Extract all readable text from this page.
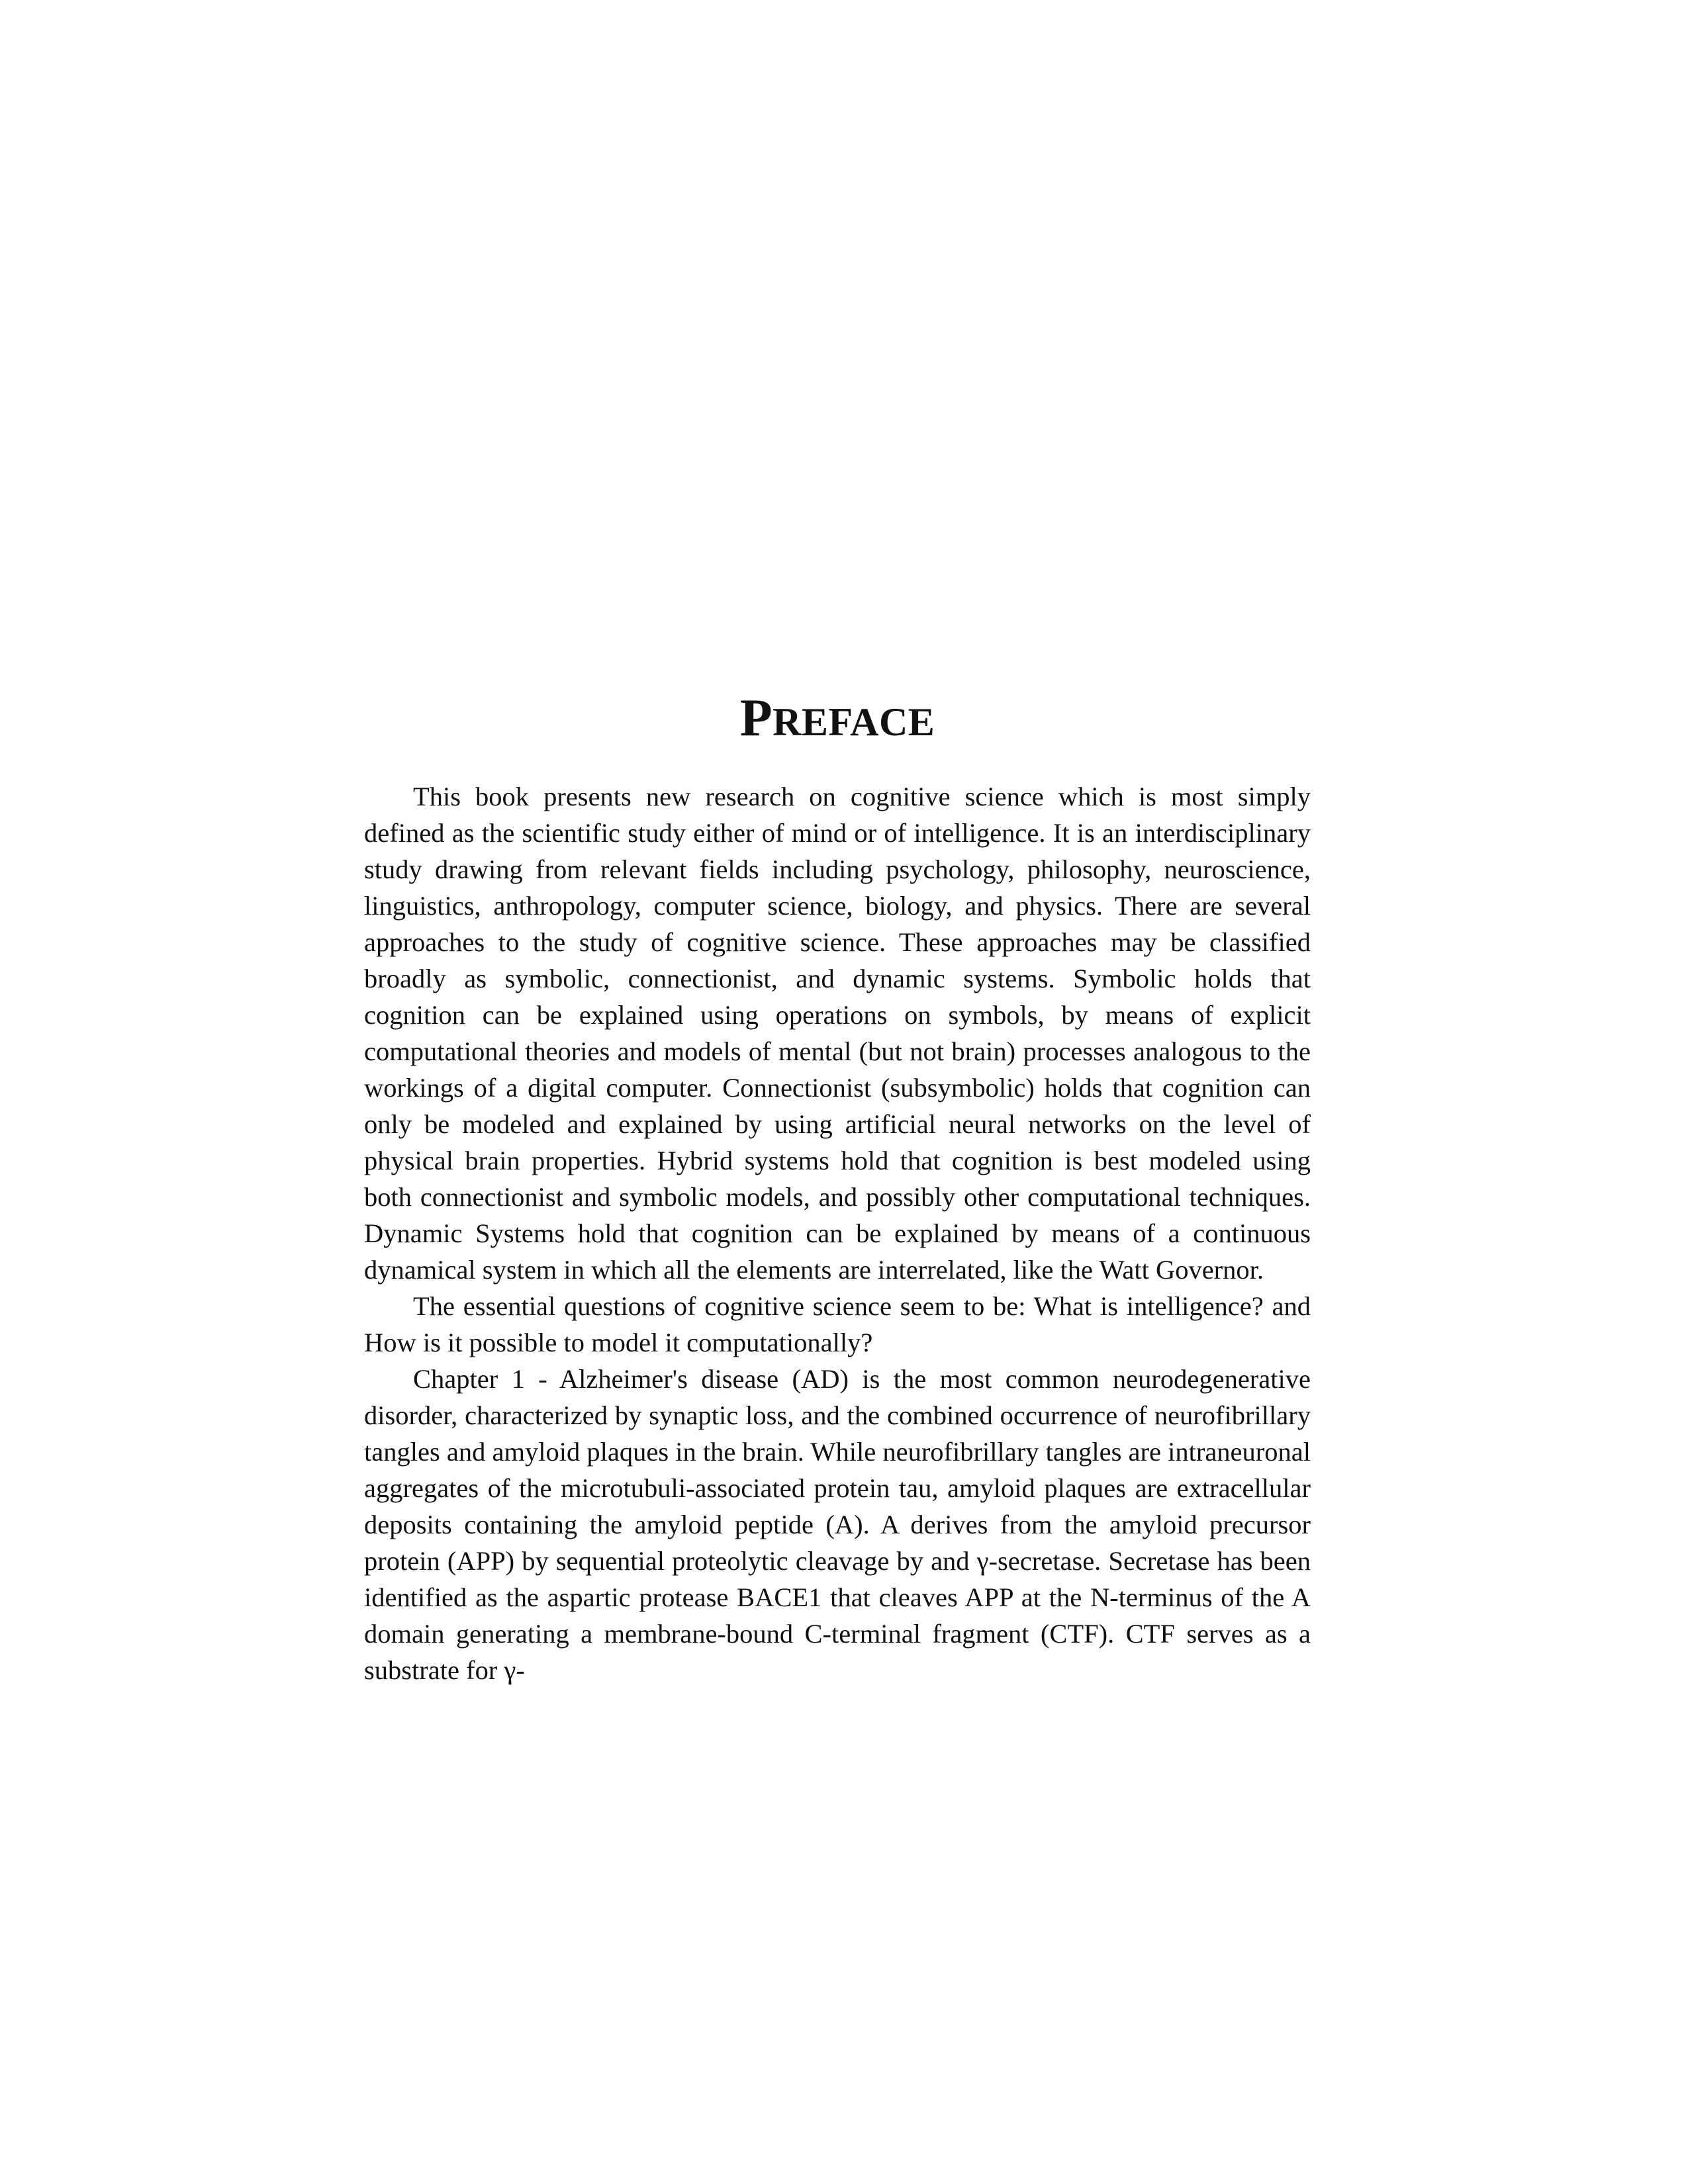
PREFACE

This book presents new research on cognitive science which is most simply defined as the scientific study either of mind or of intelligence. It is an interdisciplinary study drawing from relevant fields including psychology, philosophy, neuroscience, linguistics, anthropology, computer science, biology, and physics. There are several approaches to the study of cognitive science. These approaches may be classified broadly as symbolic, connectionist, and dynamic systems. Symbolic holds that cognition can be explained using operations on symbols, by means of explicit computational theories and models of mental (but not brain) processes analogous to the workings of a digital computer. Connectionist (subsymbolic) holds that cognition can only be modeled and explained by using artificial neural networks on the level of physical brain properties. Hybrid systems hold that cognition is best modeled using both connectionist and symbolic models, and possibly other computational techniques. Dynamic Systems hold that cognition can be explained by means of a continuous dynamical system in which all the elements are interrelated, like the Watt Governor.

The essential questions of cognitive science seem to be: What is intelligence? and How is it possible to model it computationally?

Chapter 1 - Alzheimer's disease (AD) is the most common neurodegenerative disorder, characterized by synaptic loss, and the combined occurrence of neurofibrillary tangles and amyloid plaques in the brain. While neurofibrillary tangles are intraneuronal aggregates of the microtubuli-associated protein tau, amyloid plaques are extracellular deposits containing the amyloid peptide (A). A derives from the amyloid precursor protein (APP) by sequential proteolytic cleavage by and γ-secretase. Secretase has been identified as the aspartic protease BACE1 that cleaves APP at the N-terminus of the A domain generating a membrane-bound C-terminal fragment (CTF). CTF serves as a substrate for γ-
